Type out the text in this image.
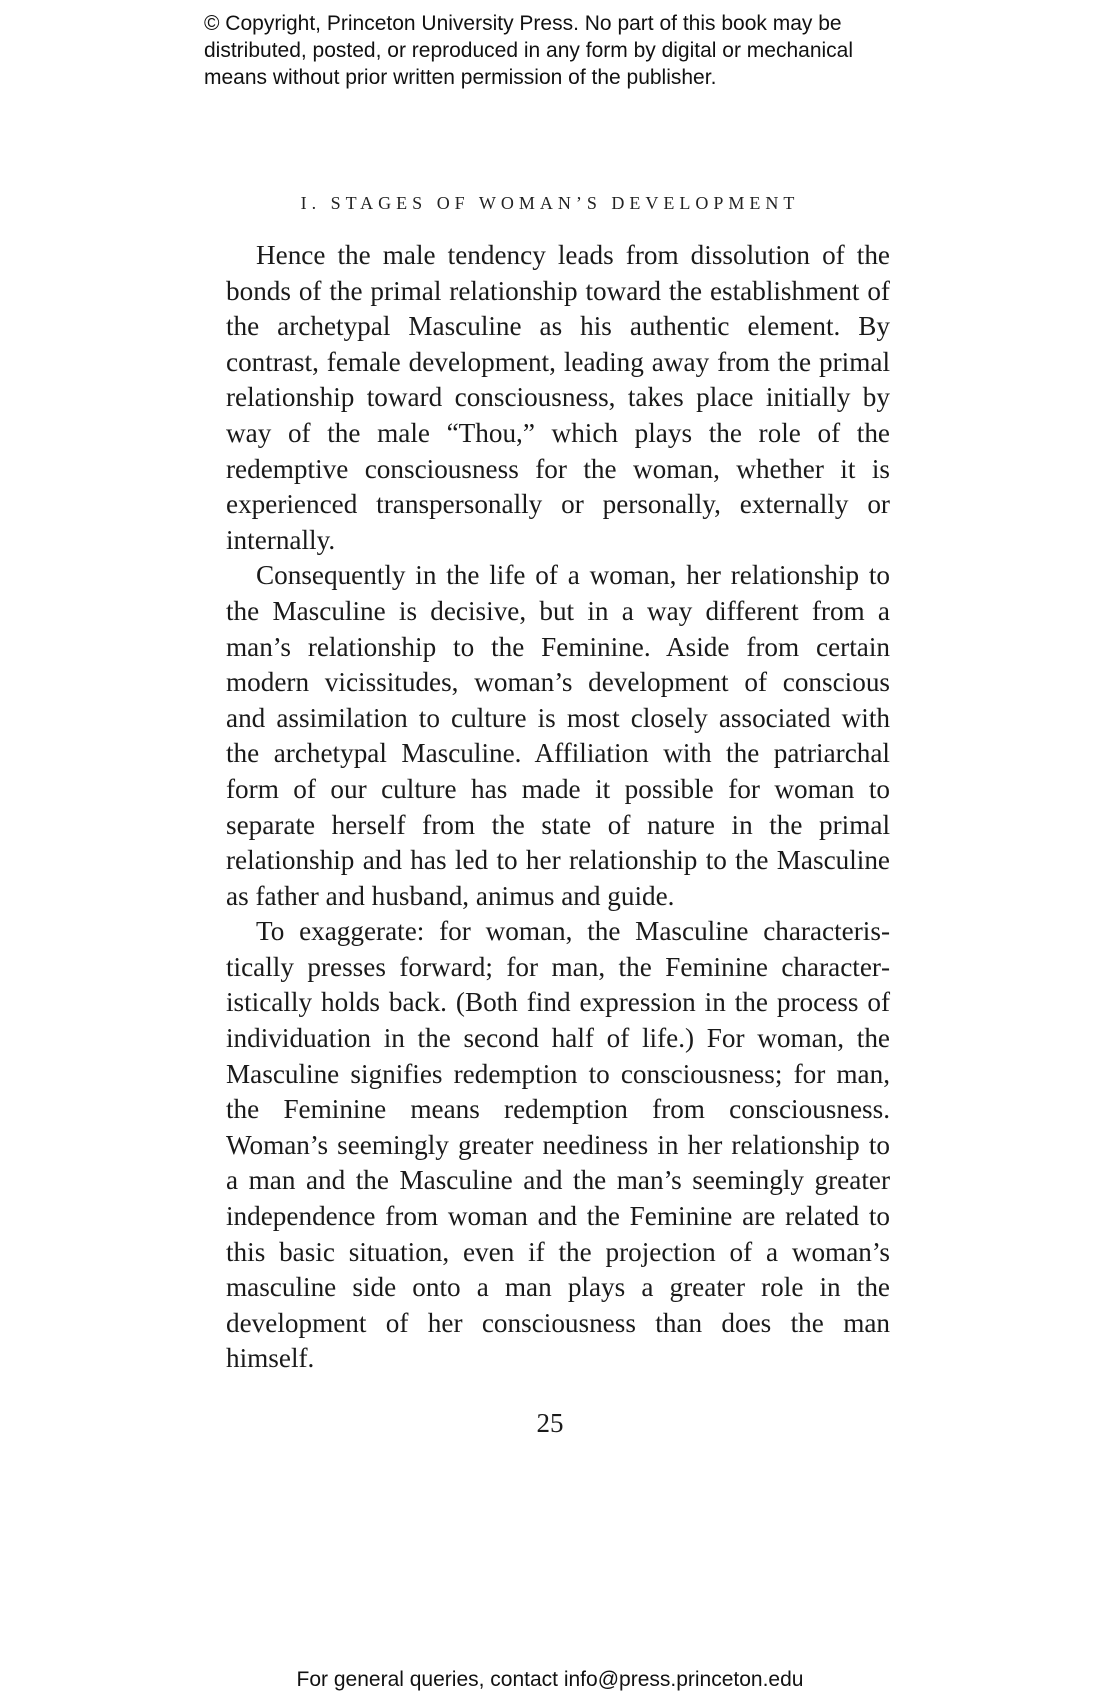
© Copyright, Princeton University Press. No part of this book may be
distributed, posted, or reproduced in any form by digital or mechanical
means without prior written permission of the publisher.
I. STAGES OF WOMAN’S DEVELOPMENT

Hence the male tendency leads from dissolution of the bonds of the primal relationship toward the establishment of the archetypal Masculine as his authentic element. By contrast, female development, leading away from the primal relationship toward consciousness, takes place initially by way of the male “Thou,” which plays the role of the redemptive consciousness for the woman, whether it is experienced transpersonally or personally, externally or internally.

Consequently in the life of a woman, her relationship to the Masculine is decisive, but in a way different from a man’s relationship to the Feminine. Aside from certain modern vicissitudes, woman’s development of conscious and assimilation to culture is most closely associated with the archetypal Masculine. Affiliation with the patriarchal form of our culture has made it possible for woman to separate herself from the state of nature in the primal relationship and has led to her relationship to the Masculine as father and husband, animus and guide.

To exaggerate: for woman, the Masculine characteristically presses forward; for man, the Feminine characteristically holds back. (Both find expression in the process of individuation in the second half of life.) For woman, the Masculine signifies redemption to consciousness; for man, the Feminine means redemption from consciousness. Woman’s seemingly greater neediness in her relationship to a man and the Masculine and the man’s seemingly greater independence from woman and the Feminine are related to this basic situation, even if the projection of a woman’s masculine side onto a man plays a greater role in the development of her consciousness than does the man himself.

25
For general queries, contact info@press.princeton.edu
